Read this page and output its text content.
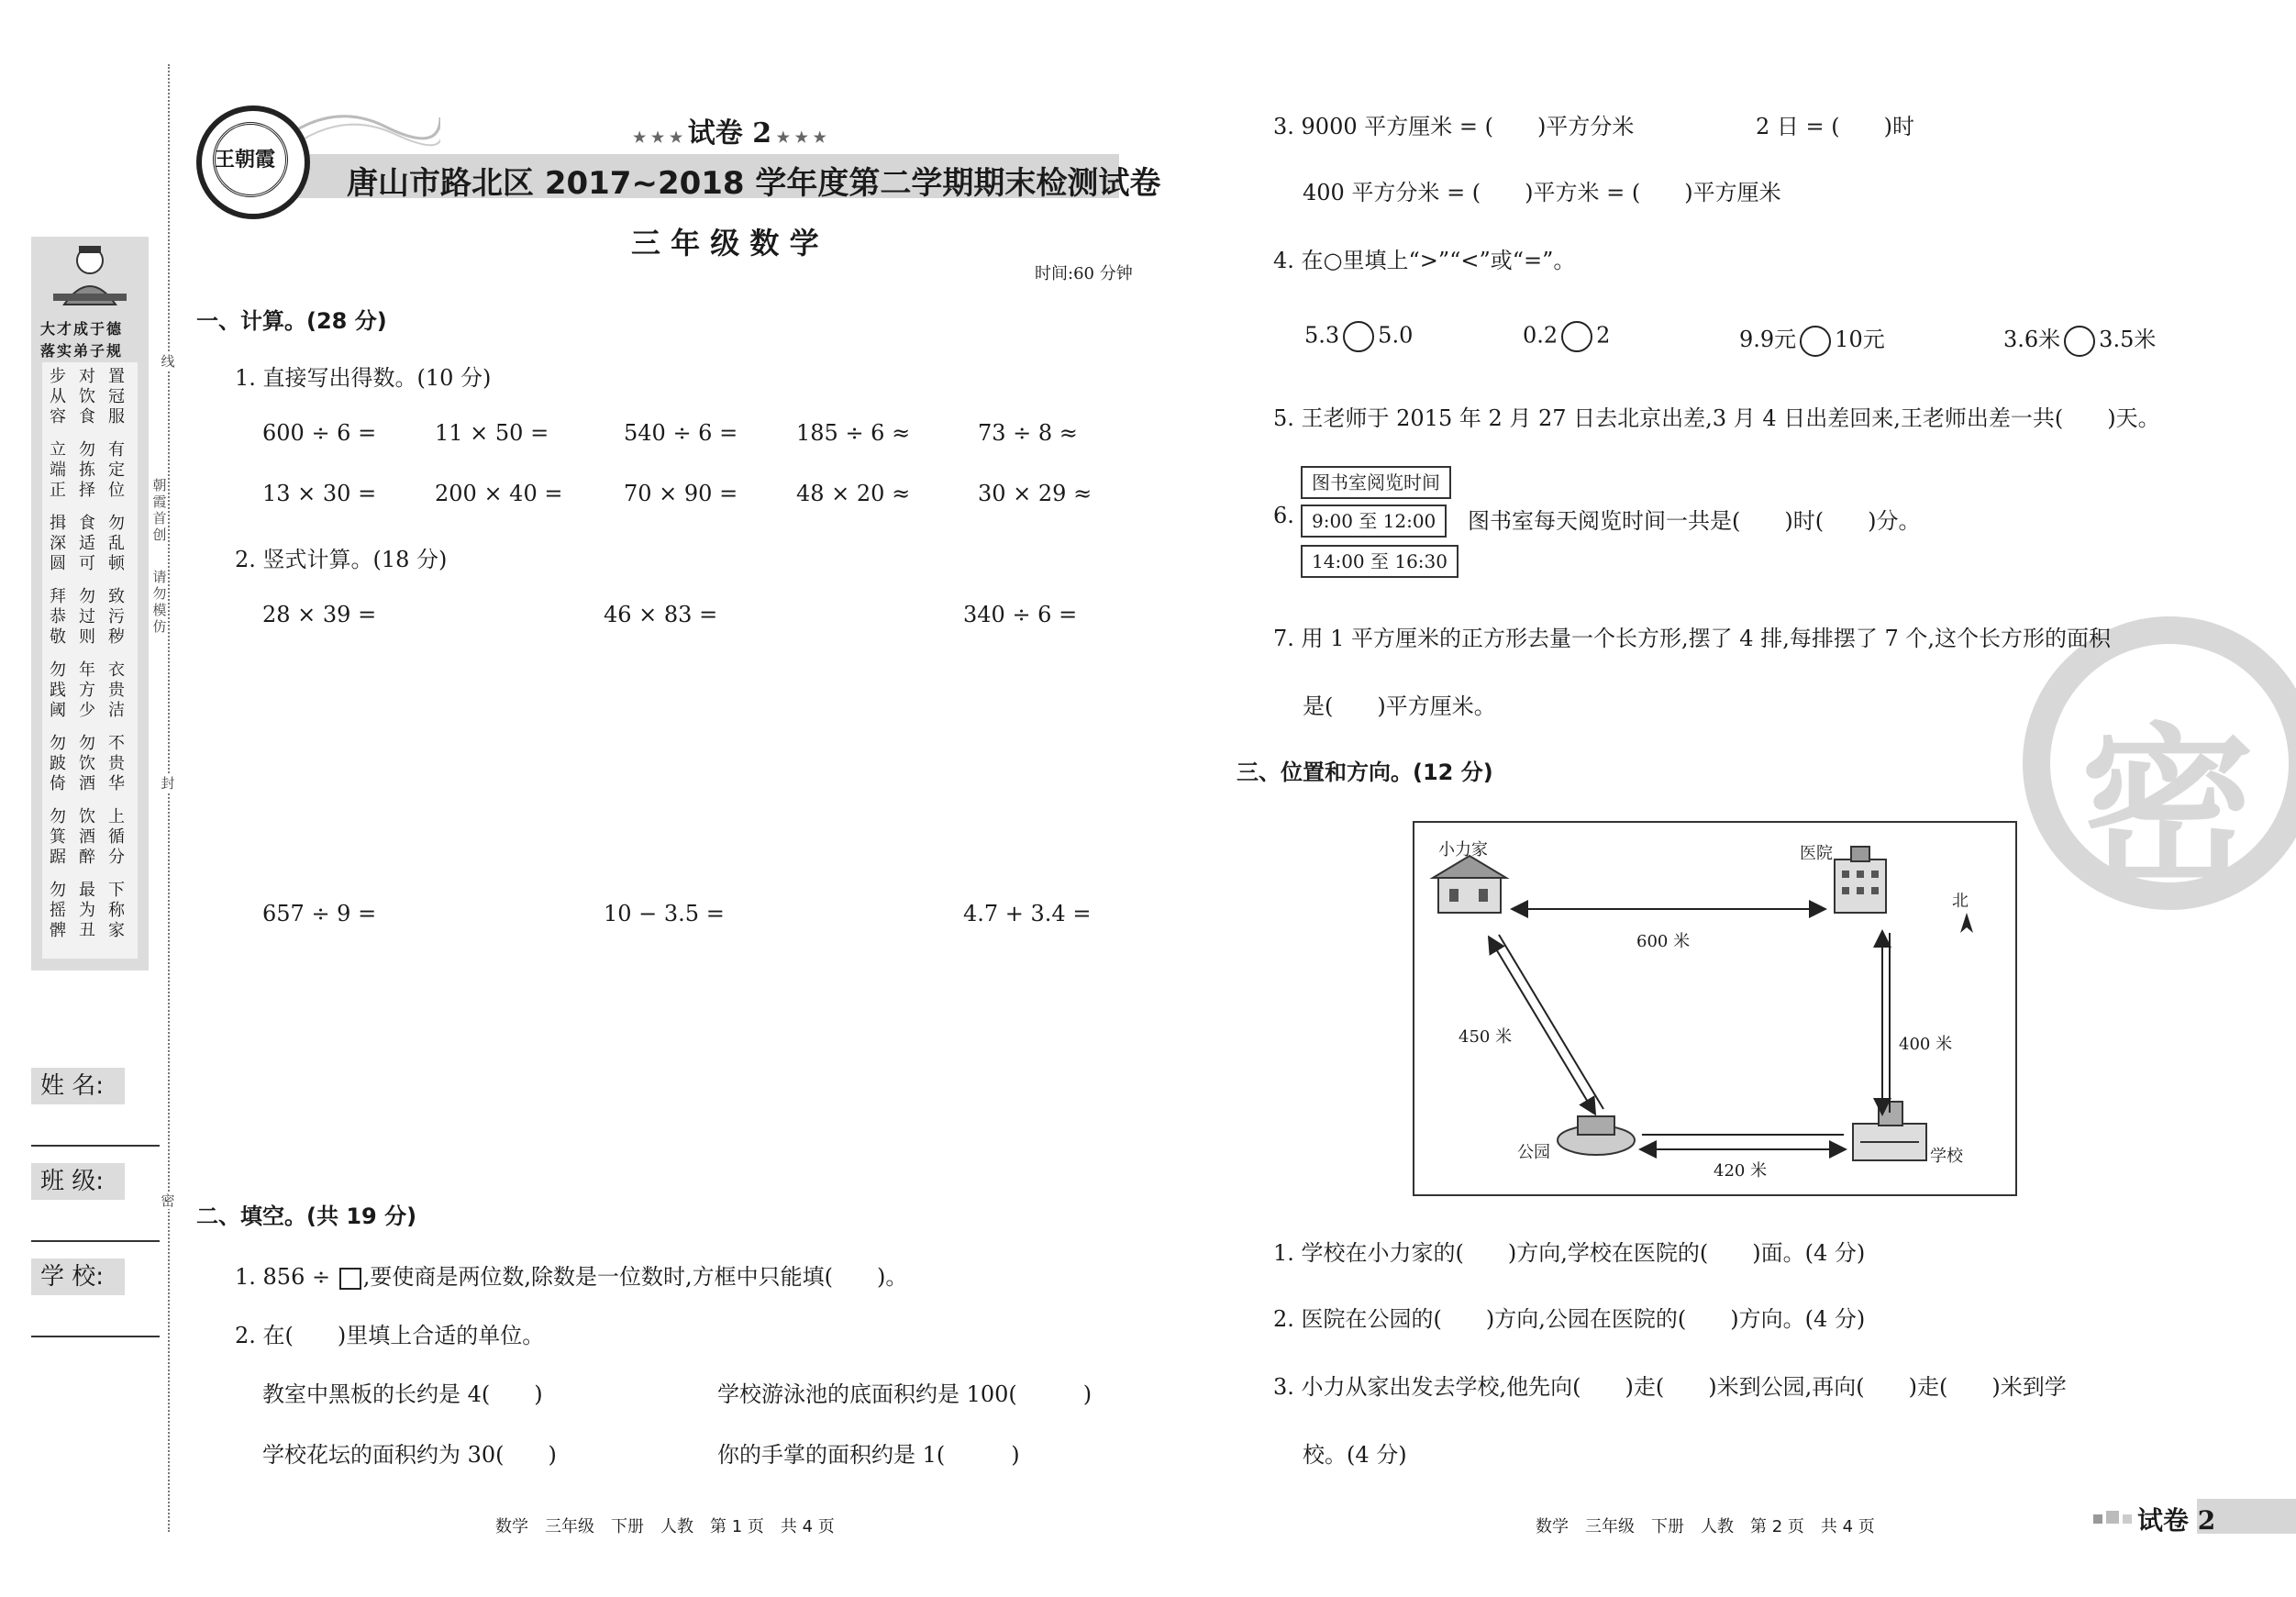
线
朝霞首创
请勿模仿
封
密
大才成于德
落实弟子规
步从容
对饮食
置冠服
立端正
勿拣择
有定位
揖深圆
食适可
勿乱顿
拜恭敬
勿过则
致污秽
勿践阈
年方少
衣贵洁
勿跛倚
勿饮酒
不贵华
勿箕踞
饮酒醉
上循分
勿摇髀
最为丑
下称家
姓 名:
班 级:
学 校:
王朝霞
★ ★ ★ 试卷 2 ★ ★ ★
唐山市路北区 2017~2018 学年度第二学期期末检测试卷
三 年 级 数 学
时间:60 分钟
一、计算。(28 分)
1. 直接写出得数。(10 分)
600 ÷ 6 =	11 × 50 =	540 ÷ 6 =	185 ÷ 6 ≈	73 ÷ 8 ≈
13 × 30 =	200 × 40 =	70 × 90 =	48 × 20 ≈	30 × 29 ≈
2. 竖式计算。(18 分)
28 × 39 =	46 × 83 =	340 ÷ 6 =
657 ÷ 9 =	10 − 3.5 =	4.7 + 3.4 =
二、填空。(共 19 分)
1. 856 ÷ ,要使商是两位数,除数是一位数时,方框中只能填(　　)。
2. 在(　　)里填上合适的单位。
教室中黑板的长约是 4(　　)	学校游泳池的底面积约是 100(　　　)
学校花坛的面积约为 30(　　)	你的手掌的面积约是 1(　　　)
数学　三年级　下册　人教　第 1 页　共 4 页
密
3. 9000 平方厘米 = (　　)平方分米	2 日 = (　　)时
400 平方分米 = (　　)平方米 = (　　)平方厘米
4. 在○里填上“>”“<”或“=”。
5.3 5.0	0.2 2	9.9元 10元	3.6米 3.5米
5. 王老师于 2015 年 2 月 27 日去北京出差,3 月 4 日出差回来,王老师出差一共(　　)天。
6.
图书室阅览时间
9:00 至 12:00
14:00 至 16:30
图书室每天阅览时间一共是(　　)时(　　)分。
7. 用 1 平方厘米的正方形去量一个长方形,摆了 4 排,每排摆了 7 个,这个长方形的面积
是(　　)平方厘米。
三、位置和方向。(12 分)
小力家	医院
公园	学校
北
600 米
450 米	400 米
420 米
1. 学校在小力家的(　　)方向,学校在医院的(　　)面。(4 分)
2. 医院在公园的(　　)方向,公园在医院的(　　)方向。(4 分)
3. 小力从家出发去学校,他先向(　　)走(　　)米到公园,再向(　　)走(　　)米到学
校。(4 分)
数学　三年级　下册　人教　第 2 页　共 4 页	试卷 2
